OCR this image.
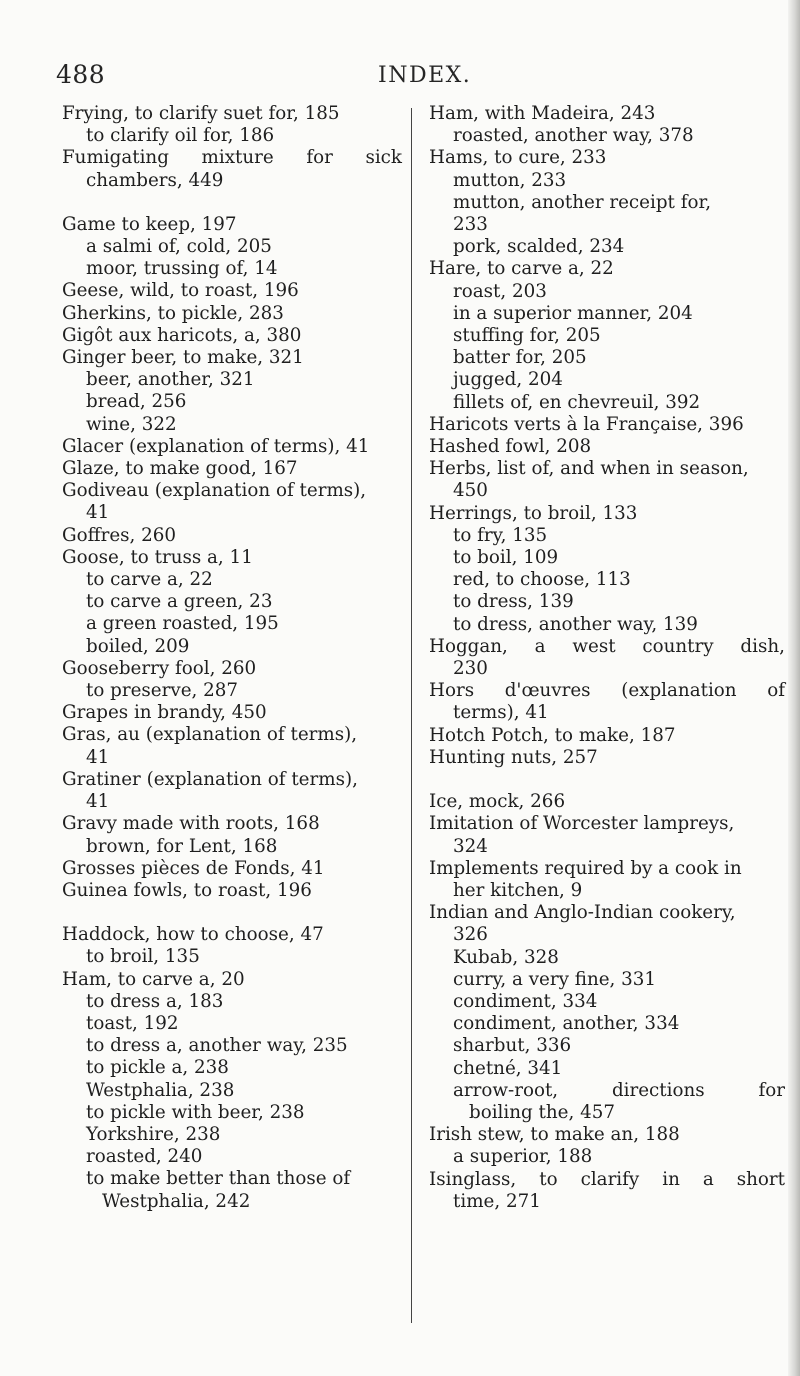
488	INDEX.

Frying, to clarify suet for, 185

to clarify oil for, 186

Fumigating mixture for sick

chambers, 449

Game to keep, 197

a salmi of, cold, 205

moor, trussing of, 14

Geese, wild, to roast, 196

Gherkins, to pickle, 283

Gigôt aux haricots, a, 380

Ginger beer, to make, 321

beer, another, 321

bread, 256

wine, 322

Glacer (explanation of terms), 41

Glaze, to make good, 167

Godiveau (explanation of terms),

41

Goffres, 260

Goose, to truss a, 11

to carve a, 22

to carve a green, 23

a green roasted, 195

boiled, 209

Gooseberry fool, 260

to preserve, 287

Grapes in brandy, 450

Gras, au (explanation of terms),

41

Gratiner (explanation of terms),

41

Gravy made with roots, 168

brown, for Lent, 168

Grosses pièces de Fonds, 41

Guinea fowls, to roast, 196

Haddock, how to choose, 47

to broil, 135

Ham, to carve a, 20

to dress a, 183

toast, 192

to dress a, another way, 235

to pickle a, 238

Westphalia, 238

to pickle with beer, 238

Yorkshire, 238

roasted, 240

to make better than those of

Westphalia, 242

Ham, with Madeira, 243

roasted, another way, 378

Hams, to cure, 233

mutton, 233

mutton, another receipt for,

233

pork, scalded, 234

Hare, to carve a, 22

roast, 203

in a superior manner, 204

stuffing for, 205

batter for, 205

jugged, 204

fillets of, en chevreuil, 392

Haricots verts à la Française, 396

Hashed fowl, 208

Herbs, list of, and when in season,

450

Herrings, to broil, 133

to fry, 135

to boil, 109

red, to choose, 113

to dress, 139

to dress, another way, 139

Hoggan, a west country dish,

230

Hors d'œuvres (explanation of

terms), 41

Hotch Potch, to make, 187

Hunting nuts, 257

Ice, mock, 266

Imitation of Worcester lampreys,

324

Implements required by a cook in

her kitchen, 9

Indian and Anglo-Indian cookery,

326

Kubab, 328

curry, a very fine, 331

condiment, 334

condiment, another, 334

sharbut, 336

chetné, 341

arrow-root,	directions	for

boiling the, 457

Irish stew, to make an, 188

a superior, 188

Isinglass, to clarify in a short

time, 271
